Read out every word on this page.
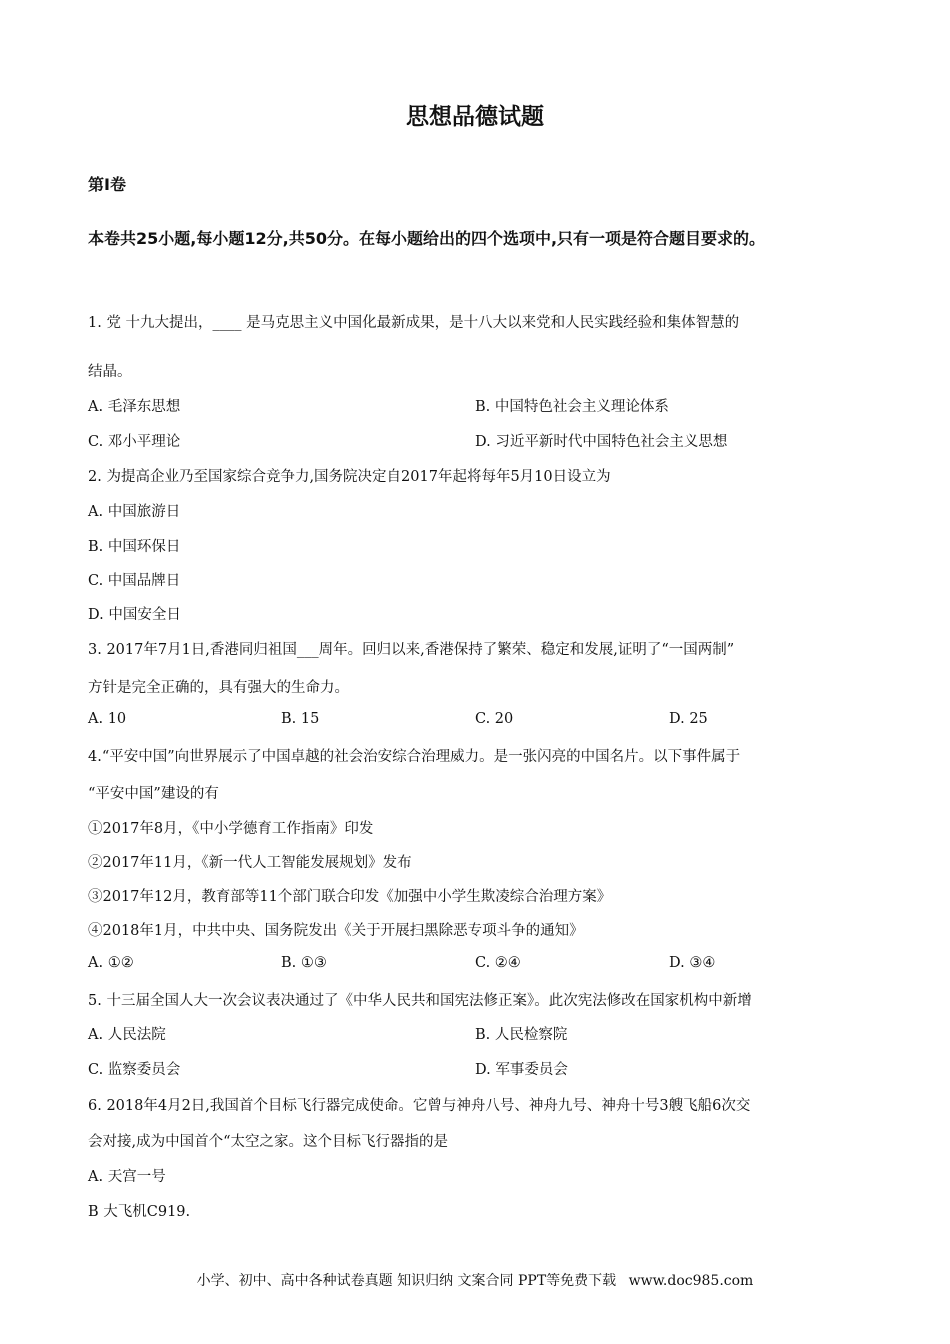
思想品德试题
第I卷
本卷共25小题,每小题12分,共50分。在每小题给出的四个选项中,只有一项是符合题目要求的。
1. 党 十九大提出，____ 是马克思主义中国化最新成果，是十八大以来党和人民实践经验和集体智慧的
结晶。
A. 毛泽东思想	B. 中国特色社会主义理论体系
C. 邓小平理论	D. 习近平新时代中国特色社会主义思想
2. 为提高企业乃至国家综合竞争力,国务院决定自2017年起将每年5月10日设立为
A. 中国旅游日
B. 中国环保日
C. 中国品牌日
D. 中国安全日
3. 2017年7月1日,香港同归祖国___周年。回归以来,香港保持了繁荣、稳定和发展,证明了“一国两制”
方针是完全正确的，具有强大的生命力。
A. 10	B. 15	C. 20	D. 25
4.“平安中国”向世界展示了中国卓越的社会治安综合治理威力。是一张闪亮的中国名片。以下事件属于
“平安中国”建设的有
①2017年8月，《中小学德育工作指南》印发
②2017年11月，《新一代人工智能发展规划》发布
③2017年12月，教育部等11个部门联合印发《加强中小学生欺凌综合治理方案》
④2018年1月，中共中央、国务院发出《关于开展扫黑除恶专项斗争的通知》
A. ①②	B. ①③	C. ②④	D. ③④
5. 十三届全国人大一次会议表决通过了《中华人民共和国宪法修正案》。此次宪法修改在国家机构中新增
A. 人民法院	B. 人民检察院
C. 监察委员会	D. 军事委员会
6. 2018年4月2日,我国首个目标飞行器完成使命。它曾与神舟八号、神舟九号、神舟十号3艘飞船6次交
会对接,成为中国首个“太空之家。这个目标飞行器指的是
A. 天宫一号
B 大飞机C919.
小学、初中、高中各种试卷真题 知识归纳 文案合同 PPT等免费下载 www.doc985.com
